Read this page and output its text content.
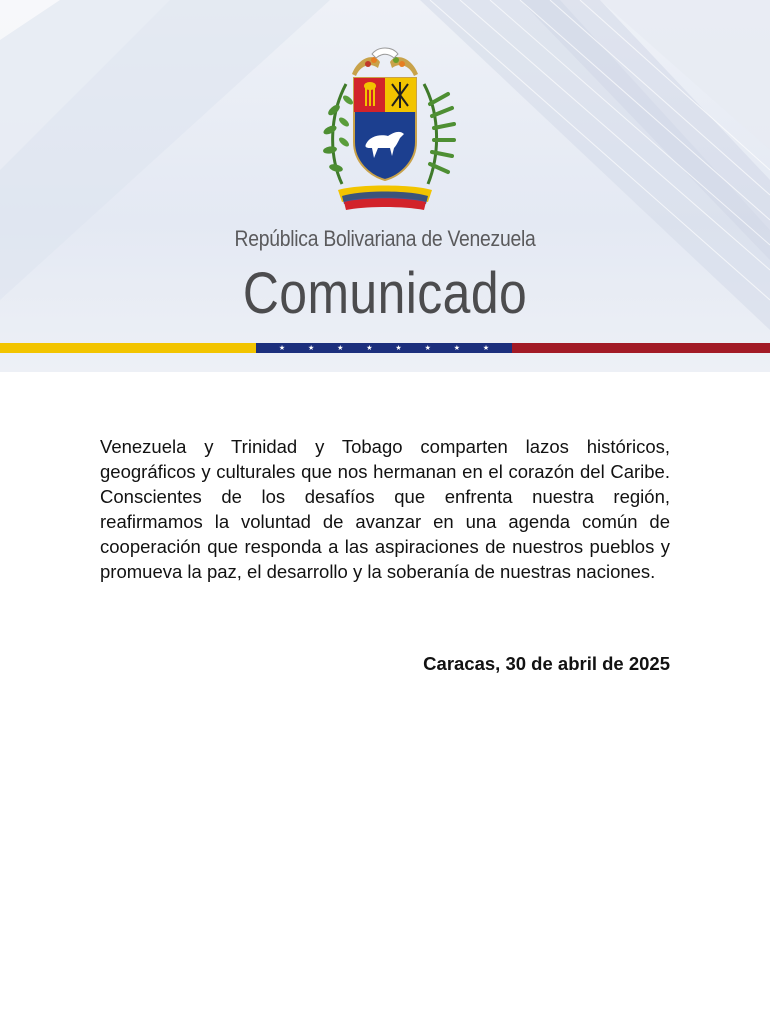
República Bolivariana de Venezuela
Comunicado
★	★	★	★	★	★	★	★

Venezuela y Trinidad y Tobago comparten lazos históricos, geográficos y culturales que nos hermanan en el corazón del Caribe. Conscientes de los desafíos que enfrenta nuestra región, reafirmamos la voluntad de avanzar en una agenda común de cooperación que responda a las aspiraciones de nuestros pueblos y promueva la paz, el desarrollo y la soberanía de nuestras naciones.

Caracas, 30 de abril de 2025
